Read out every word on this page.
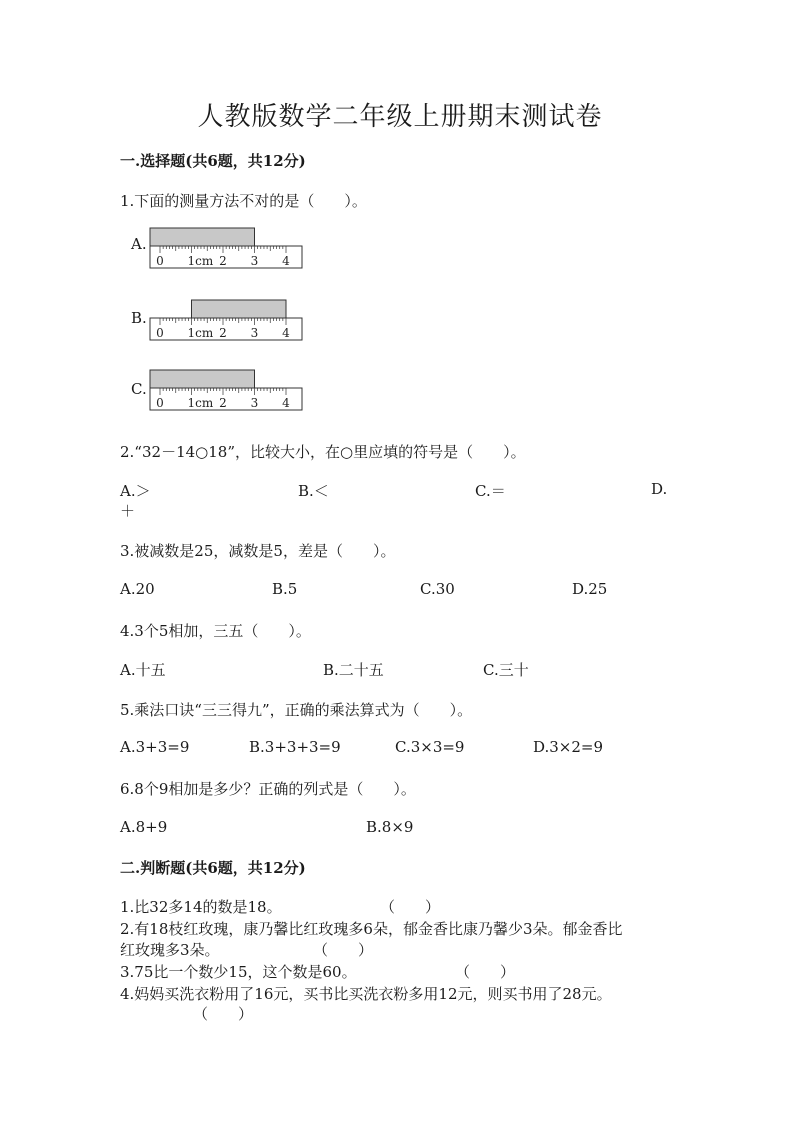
人教版数学二年级上册期末测试卷
一.选择题(共6题，共12分)
1.下面的测量方法不对的是（　　）。
A.
0 1cm 2 3 4
B.
0 1cm 2 3 4
C.
0 1cm 2 3 4
2.“32－14○18”，比较大小，在○里应填的符号是（　　）。
A.＞	B.＜	C.＝	D.
＋
3.被减数是25，减数是5，差是（　　）。
A.20	B.5	C.30	D.25
4.3个5相加，三五（　　）。
A.十五	B.二十五	C.三十
5.乘法口诀“三三得九”，正确的乘法算式为（　　）。
A.3+3=9	B.3+3+3=9	C.3×3=9	D.3×2=9
6.8个9相加是多少？正确的列式是（　　）。
A.8+9	B.8×9
二.判断题(共6题，共12分)
1.比32多14的数是18。	（　　）
2.有18枝红玫瑰，康乃馨比红玫瑰多6朵，郁金香比康乃馨少3朵。郁金香比
红玫瑰多3朵。	（　　）
3.75比一个数少15，这个数是60。	（　　）
4.妈妈买洗衣粉用了16元，买书比买洗衣粉多用12元，则买书用了28元。
（　　）
